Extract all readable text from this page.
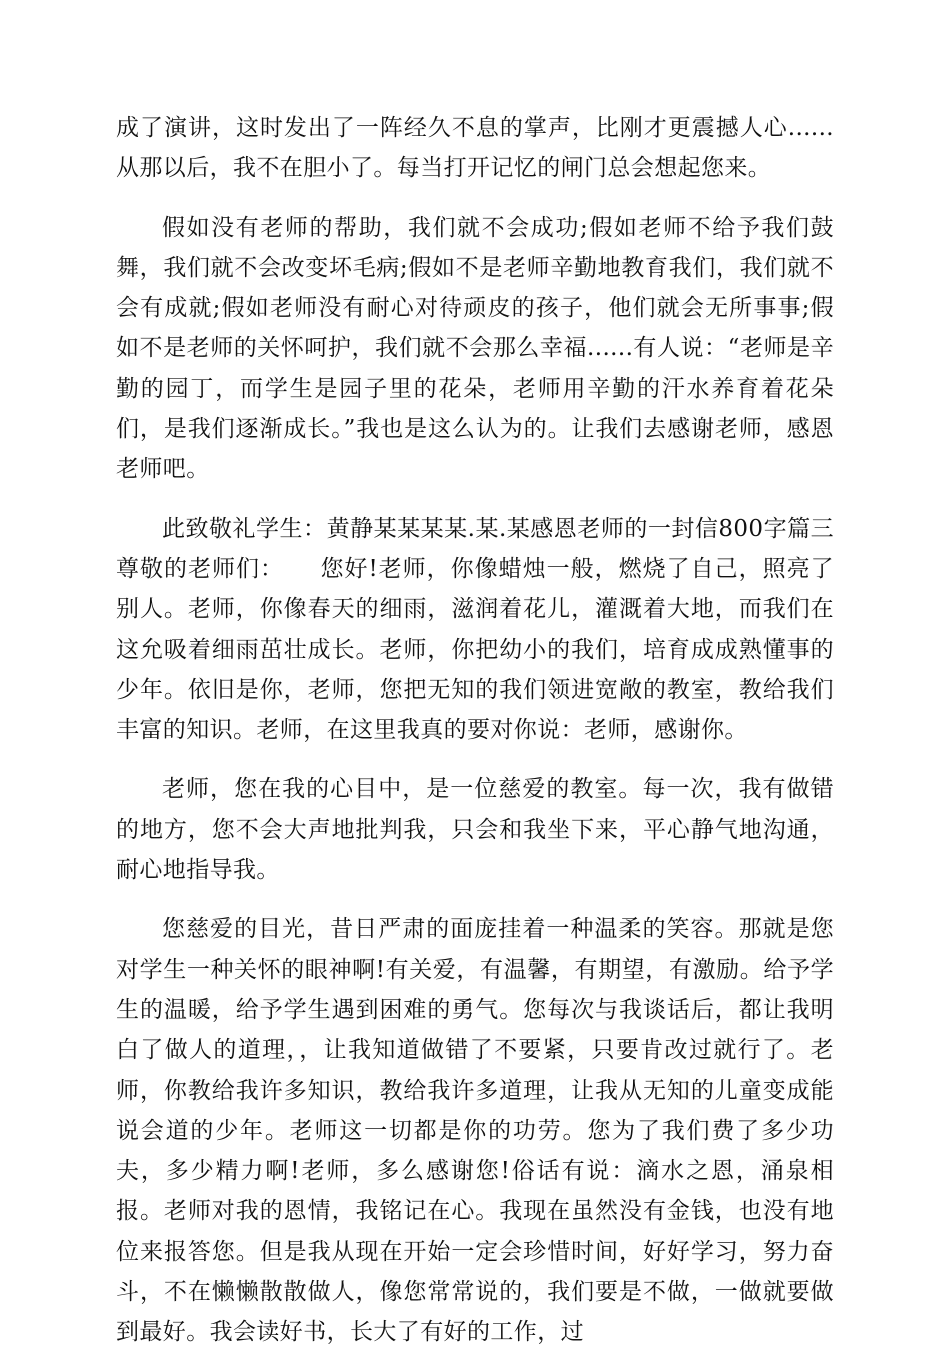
成了演讲，这时发出了一阵经久不息的掌声，比刚才更震撼人心......从那以后，我不在胆小了。每当打开记忆的闸门总会想起您来。

假如没有老师的帮助，我们就不会成功;假如老师不给予我们鼓舞，我们就不会改变坏毛病;假如不是老师辛勤地教育我们，我们就不会有成就;假如老师没有耐心对待顽皮的孩子，他们就会无所事事;假如不是老师的关怀呵护，我们就不会那么幸福......有人说：“老师是辛勤的园丁，而学生是园子里的花朵，老师用辛勤的汗水养育着花朵们，是我们逐渐成长。”我也是这么认为的。让我们去感谢老师，感恩老师吧。

此致敬礼学生：黄静某某某某.某.某感恩老师的一封信800字篇三尊敬的老师们：　　您好!老师，你像蜡烛一般，燃烧了自己，照亮了别人。老师，你像春天的细雨，滋润着花儿，灌溉着大地，而我们在这允吸着细雨茁壮成长。老师，你把幼小的我们，培育成成熟懂事的少年。依旧是你，老师，您把无知的我们领进宽敞的教室，教给我们丰富的知识。老师，在这里我真的要对你说：老师，感谢你。

老师，您在我的心目中，是一位慈爱的教室。每一次，我有做错的地方，您不会大声地批判我，只会和我坐下来，平心静气地沟通，耐心地指导我。

您慈爱的目光，昔日严肃的面庞挂着一种温柔的笑容。那就是您对学生一种关怀的眼神啊!有关爱，有温馨，有期望，有激励。给予学生的温暖，给予学生遇到困难的勇气。您每次与我谈话后，都让我明白了做人的道理，，让我知道做错了不要紧，只要肯改过就行了。老师，你教给我许多知识，教给我许多道理，让我从无知的儿童变成能说会道的少年。老师这一切都是你的功劳。您为了我们费了多少功夫，多少精力啊!老师，多么感谢您!俗话有说：滴水之恩，涌泉相报。老师对我的恩情，我铭记在心。我现在虽然没有金钱，也没有地位来报答您。但是我从现在开始一定会珍惜时间，好好学习，努力奋斗，不在懒懒散散做人，像您常常说的，我们要是不做，一做就要做到最好。我会读好书，长大了有好的工作，过
